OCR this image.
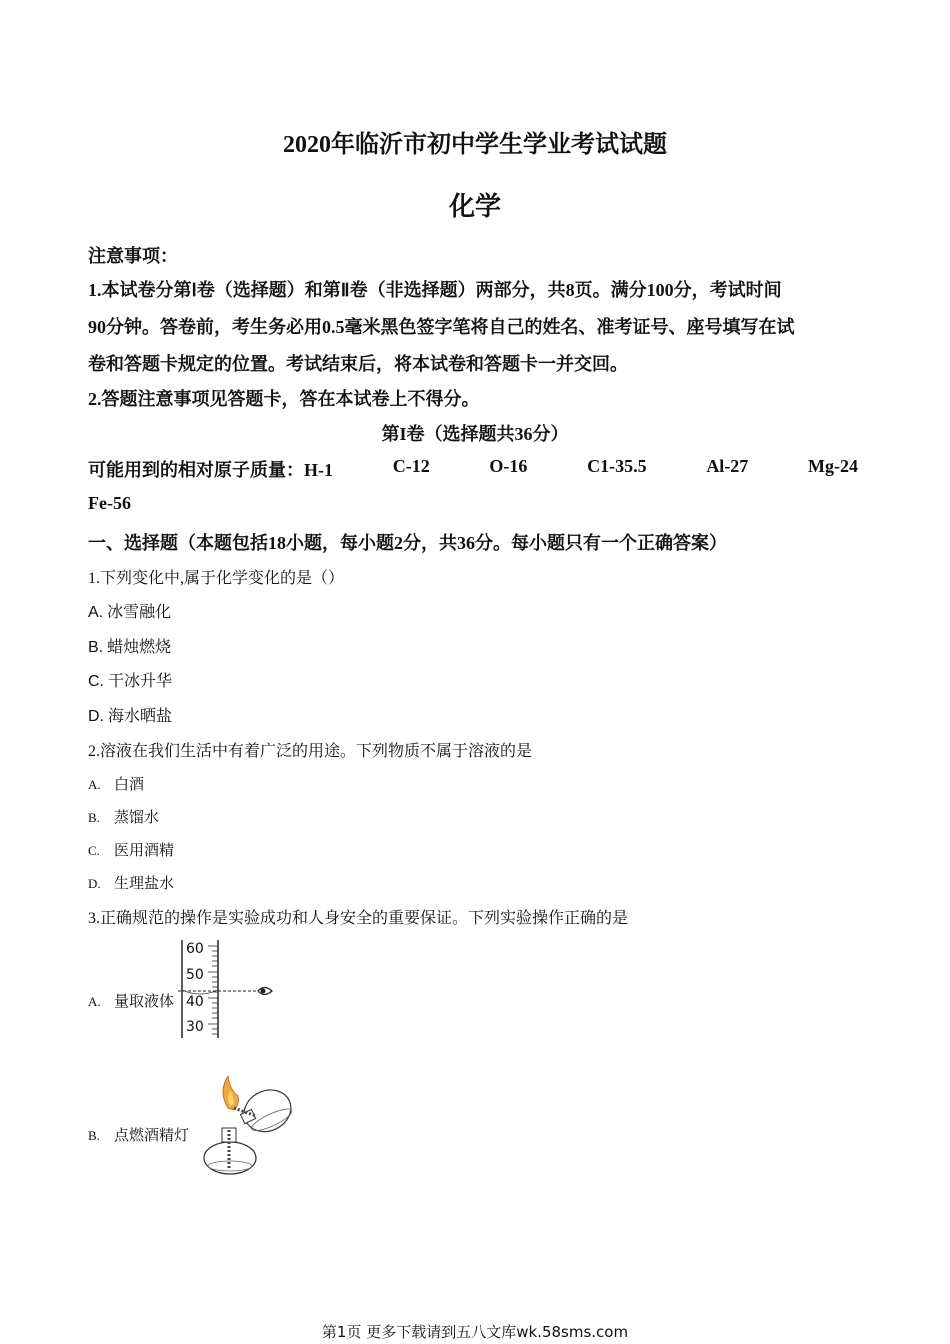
2020年临沂市初中学生学业考试试题
化学
注意事项：
1.本试卷分第Ⅰ卷（选择题）和第Ⅱ卷（非选择题）两部分，共8页。满分100分，考试时间
90分钟。答卷前，考生务必用0.5毫米黑色签字笔将自己的姓名、准考证号、座号填写在试
卷和答题卡规定的位置。考试结束后，将本试卷和答题卡一并交回。
2.答题注意事项见答题卡，答在本试卷上不得分。
第I卷（选择题共36分）
可能用到的相对原子质量：H-1	C-12	O-16	C1-35.5	Al-27	Mg-24
Fe-56
一、选择题（本题包括18小题，每小题2分，共36分。每小题只有一个正确答案）
1.下列变化中,属于化学变化的是（）
A. 冰雪融化
B. 蜡烛燃烧
C. 干冰升华
D. 海水晒盐
2.溶液在我们生活中有着广泛的用途。下列物质不属于溶液的是
A. 白酒
B. 蒸馏水
C. 医用酒精
D. 生理盐水
3.正确规范的操作是实验成功和人身安全的重要保证。下列实验操作正确的是
A. 量取液体
60
50
40
30
B. 点燃酒精灯
第1页 更多下载请到五八文库wk.58sms.com
